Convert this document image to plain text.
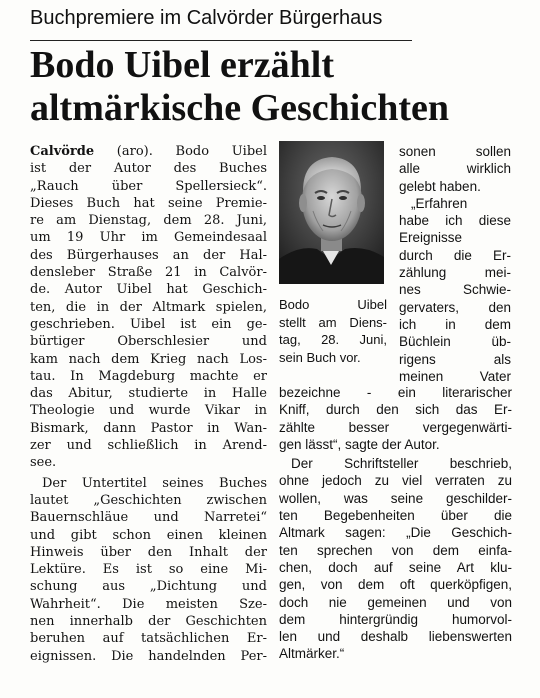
Buchpremiere im Calvörder Bürgerhaus
Bodo Uibel erzählt
altmärkische Geschichten

Calvörde (aro). Bodo Uibel
ist der Autor des Buches
„Rauch über Spellersieck“.
Dieses Buch hat seine Premie-
re am Dienstag, dem 28. Juni,
um 19 Uhr im Gemeindesaal
des Bürgerhauses an der Hal-
densleber Straße 21 in Calvör-
de. Autor Uibel hat Geschich-
ten, die in der Altmark spielen,
geschrieben. Uibel ist ein ge-
bürtiger Oberschlesier und
kam nach dem Krieg nach Los-
tau. In Magdeburg machte er
das Abitur, studierte in Halle
Theologie und wurde Vikar in
Bismark, dann Pastor in Wan-
zer und schließlich in Arend-
see.

Der Untertitel seines Buches
lautet „Geschichten zwischen
Bauernschläue und Narretei“
und gibt schon einen kleinen
Hinweis über den Inhalt der
Lektüre. Es ist so eine Mi-
schung aus „Dichtung und
Wahrheit“. Die meisten Sze-
nen innerhalb der Geschichten
beruhen auf tatsächlichen Er-
eignissen. Die handelnden Per-

Bodo Uibel
stellt am Diens-
tag, 28. Juni,
sein Buch vor.

sonen sollen
alle wirklich
gelebt haben.
„Erfahren
habe ich diese
Ereignisse
durch die Er-
zählung mei-
nes Schwie-
gervaters, den
ich in dem
Büchlein üb-
rigens als
meinen Vater

bezeichne - ein literarischer
Kniff, durch den sich das Er-
zählte besser vergegenwärti-
gen lässt“, sagte der Autor.

Der Schriftsteller beschrieb,
ohne jedoch zu viel verraten zu
wollen, was seine geschilder-
ten Begebenheiten über die
Altmark sagen: „Die Geschich-
ten sprechen von dem einfa-
chen, doch auf seine Art klu-
gen, von dem oft querköpfigen,
doch nie gemeinen und von
dem hintergründig humorvol-
len und deshalb liebenswerten
Altmärker.“
